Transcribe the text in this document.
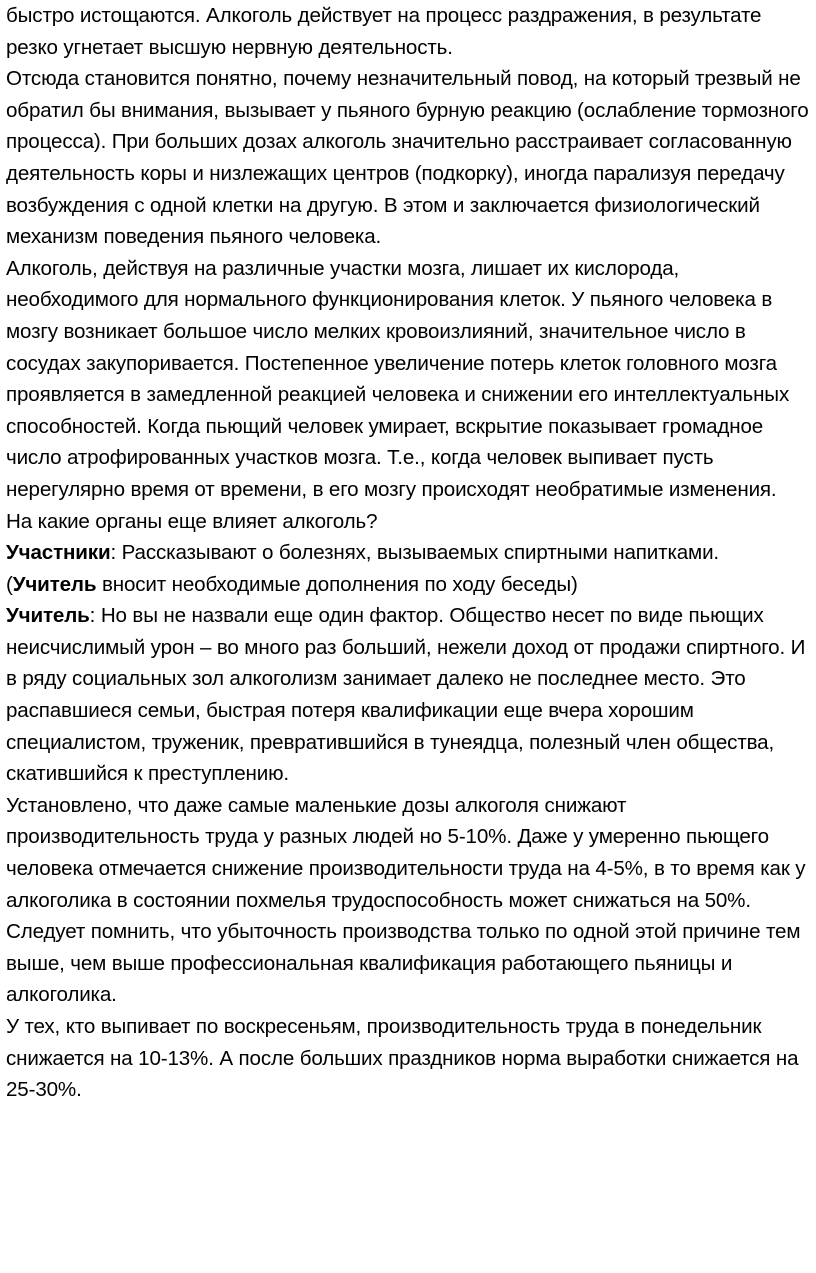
быстро истощаются. Алкоголь действует на процесс раздражения, в результате резко угнетает высшую нервную деятельность.

Отсюда становится понятно, почему незначительный повод, на который трезвый не обратил бы внимания, вызывает у пьяного бурную реакцию (ослабление тормозного процесса). При больших дозах алкоголь значительно расстраивает согласованную деятельность коры и низлежащих центров (подкорку), иногда парализуя передачу возбуждения с одной клетки на другую. В этом и заключается физиологический механизм поведения пьяного человека.

Алкоголь, действуя на различные участки мозга, лишает их кислорода, необходимого для нормального функционирования клеток. У пьяного человека в мозгу возникает большое число мелких кровоизлияний, значительное число в сосудах закупоривается. Постепенное увеличение потерь клеток головного мозга проявляется в замедленной реакцией человека и снижении его интеллектуальных способностей. Когда пьющий человек умирает, вскрытие показывает громадное число атрофированных участков мозга. Т.е., когда человек выпивает пусть нерегулярно время от времени, в его мозгу происходят необратимые изменения.

На какие органы еще влияет алкоголь?

Участники: Рассказывают о болезнях, вызываемых спиртными напитками.

(Учитель вносит необходимые дополнения по ходу беседы)

Учитель: Но вы не назвали еще один фактор. Общество несет по виде пьющих неисчислимый урон – во много раз больший, нежели доход от продажи спиртного. И в ряду социальных зол алкоголизм занимает далеко не последнее место. Это распавшиеся семьи, быстрая потеря квалификации еще вчера хорошим специалистом, труженик, превратившийся в тунеядца, полезный член общества, скатившийся к преступлению.

Установлено, что даже самые маленькие дозы алкоголя снижают производительность труда у разных людей но 5-10%. Даже у умеренно пьющего человека отмечается снижение производительности труда на 4-5%, в то время как у алкоголика в состоянии похмелья трудоспособность может снижаться на 50%. Следует помнить, что убыточность производства только по одной этой причине тем выше, чем выше профессиональная квалификация работающего пьяницы и алкоголика.

У тех, кто выпивает по воскресеньям, производительность труда в понедельник снижается на 10-13%. А после больших праздников норма выработки снижается на 25-30%.
